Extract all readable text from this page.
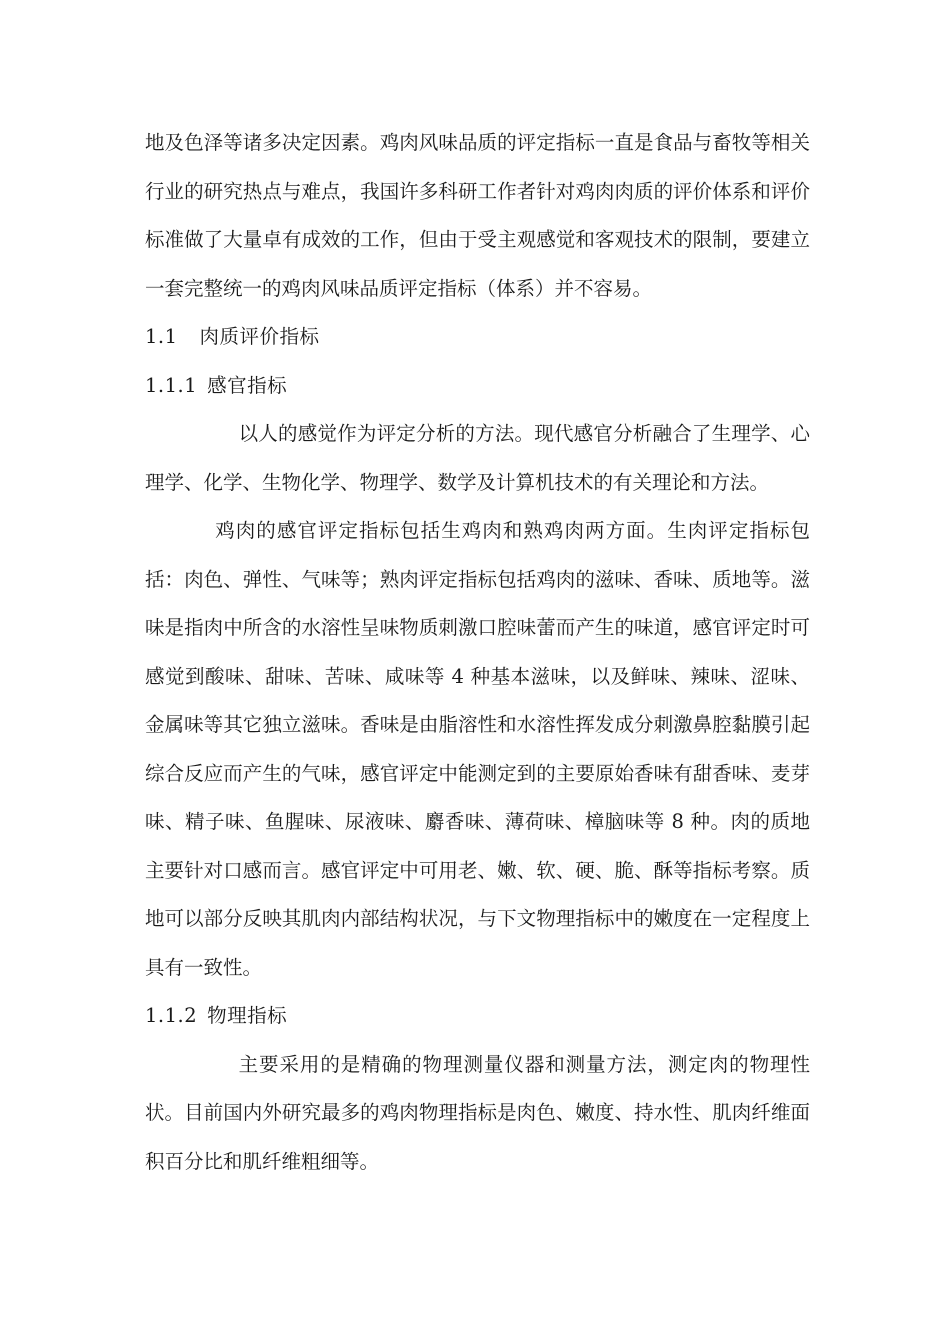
地及色泽等诸多决定因素。鸡肉风味品质的评定指标一直是食品与畜牧等相关行业的研究热点与难点，我国许多科研工作者针对鸡肉肉质的评价体系和评价标准做了大量卓有成效的工作，但由于受主观感觉和客观技术的限制，要建立一套完整统一的鸡肉风味品质评定指标（体系）并不容易。

1.1 肉质评价指标

1.1.1 感官指标

以人的感觉作为评定分析的方法。现代感官分析融合了生理学、心理学、化学、生物化学、物理学、数学及计算机技术的有关理论和方法。

鸡肉的感官评定指标包括生鸡肉和熟鸡肉两方面。生肉评定指标包括：肉色、弹性、气味等；熟肉评定指标包括鸡肉的滋味、香味、质地等。滋味是指肉中所含的水溶性呈味物质刺激口腔味蕾而产生的味道，感官评定时可感觉到酸味、甜味、苦味、咸味等 4 种基本滋味，以及鲜味、辣味、涩味、金属味等其它独立滋味。香味是由脂溶性和水溶性挥发成分刺激鼻腔黏膜引起综合反应而产生的气味，感官评定中能测定到的主要原始香味有甜香味、麦芽味、精子味、鱼腥味、尿液味、麝香味、薄荷味、樟脑味等 8 种。肉的质地主要针对口感而言。感官评定中可用老、嫩、软、硬、脆、酥等指标考察。质地可以部分反映其肌肉内部结构状况，与下文物理指标中的嫩度在一定程度上具有一致性。

1.1.2 物理指标

主要采用的是精确的物理测量仪器和测量方法，测定肉的物理性状。目前国内外研究最多的鸡肉物理指标是肉色、嫩度、持水性、肌肉纤维面积百分比和肌纤维粗细等。
